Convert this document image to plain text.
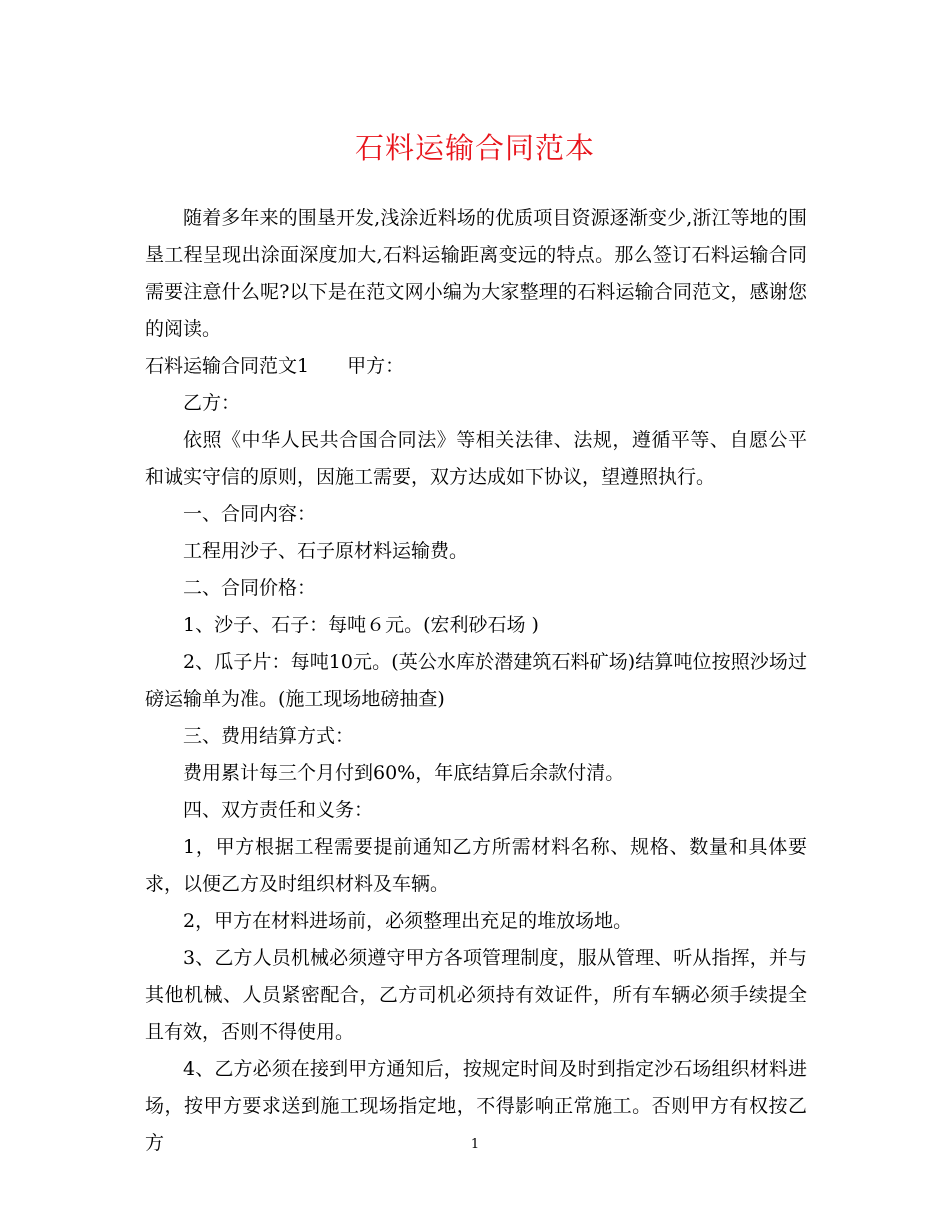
石料运输合同范本

随着多年来的围垦开发,浅涂近料场的优质项目资源逐渐变少,浙江等地的围垦工程呈现出涂面深度加大,石料运输距离变远的特点。那么签订石料运输合同需要注意什么呢?以下是在范文网小编为大家整理的石料运输合同范文，感谢您的阅读。

石料运输合同范文1 甲方：

乙方：

依照《中华人民共合国合同法》等相关法律、法规，遵循平等、自愿公平和诚实守信的原则，因施工需要，双方达成如下协议，望遵照执行。

一、合同内容：

工程用沙子、石子原材料运输费。

二、合同价格：

1、沙子、石子：每吨６元。(宏利砂石场 )

2、瓜子片：每吨10元。(英公水库於潜建筑石料矿场)结算吨位按照沙场过磅运输单为准。(施工现场地磅抽查)

三、费用结算方式：

费用累计每三个月付到60%，年底结算后余款付清。

四、双方责任和义务：

1，甲方根据工程需要提前通知乙方所需材料名称、规格、数量和具体要求，以便乙方及时组织材料及车辆。

2，甲方在材料进场前，必须整理出充足的堆放场地。

3、乙方人员机械必须遵守甲方各项管理制度，服从管理、听从指挥，并与其他机械、人员紧密配合，乙方司机必须持有效证件，所有车辆必须手续提全且有效，否则不得使用。

4、乙方必须在接到甲方通知后，按规定时间及时到指定沙石场组织材料进场，按甲方要求送到施工现场指定地，不得影响正常施工。否则甲方有权按乙方	1
